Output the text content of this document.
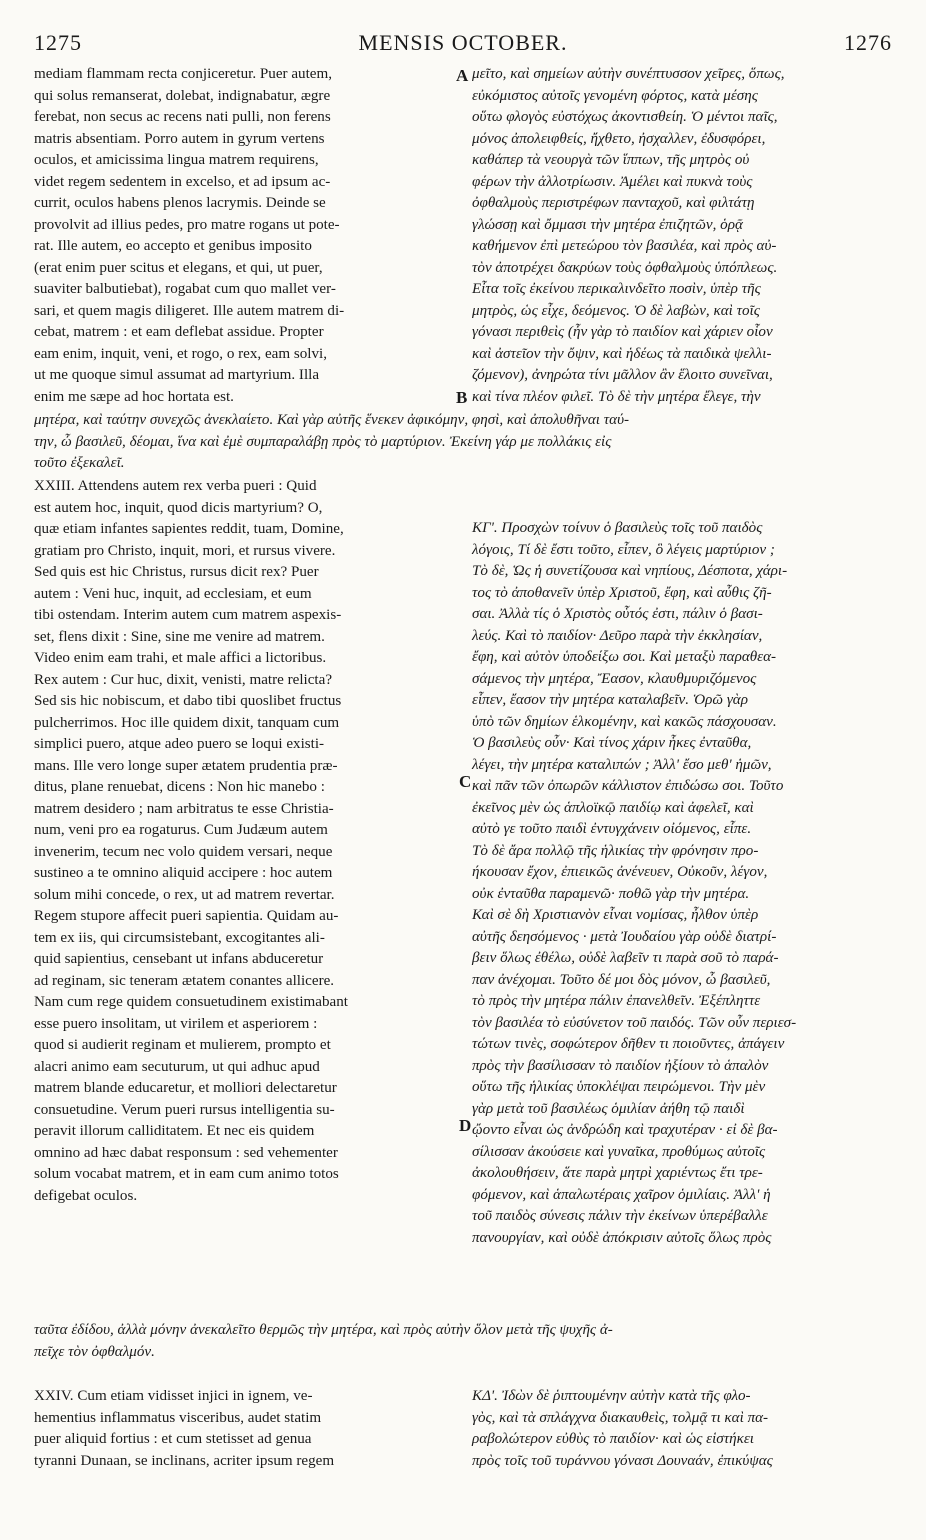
1275	MENSIS OCTOBER.	1276

mediam flammam recta conjiceretur. Puer autem,
qui solus remanserat, dolebat, indignabatur, ægre
ferebat, non secus ac recens nati pulli, non ferens
matris absentiam. Porro autem in gyrum vertens
oculos, et amicissima lingua matrem requirens,
videt regem sedentem in excelso, et ad ipsum ac-
currit, oculos habens plenos lacrymis. Deinde se
provolvit ad illius pedes, pro matre rogans ut pote-
rat. Ille autem, eo accepto et genibus imposito
(erat enim puer scitus et elegans, et qui, ut puer,
suaviter balbutiebat), rogabat cum quo mallet ver-
sari, et quem magis diligeret. Ille autem matrem di-
cebat, matrem : et eam deflebat assidue. Propter
eam enim, inquit, veni, et rogo, o rex, eam solvi,
ut me quoque simul assumat ad martyrium. Illa
enim me sæpe ad hoc hortata est.

μεῖτο, καὶ σημείων αὐτὴν συνέπτυσσον χεῖρες, ὅπως,
εὐκόμιστος αὐτοῖς γενομένη φόρτος, κατὰ μέσης
οὕτω φλογὸς εὐστόχως ἀκοντισθείη. Ὁ μέντοι παῖς,
μόνος ἀπολειφθείς, ἤχθετο, ἠσχαλλεν, ἐδυσφόρει,
καθάπερ τὰ νεουργὰ τῶν ἵππων, τῆς μητρὸς οὐ
φέρων τὴν ἀλλοτρίωσιν. Ἀμέλει καὶ πυκνὰ τοὺς
ὀφθαλμοὺς περιστρέφων πανταχοῦ, καὶ φιλτάτῃ
γλώσσῃ καὶ ὄμμασι τὴν μητέρα ἐπιζητῶν, ὁρᾷ
καθήμενον ἐπὶ μετεώρου τὸν βασιλέα, καὶ πρὸς αὐ-
τὸν ἀποτρέχει δακρύων τοὺς ὀφθαλμοὺς ὑπόπλεως.
Εἶτα τοῖς ἐκείνου περικαλινδεῖτο ποσὶν, ὑπὲρ τῆς
μητρὸς, ὡς εἶχε, δεόμενος. Ὁ δὲ λαβὼν, καὶ τοῖς
γόνασι περιθεὶς (ἦν γὰρ τὸ παιδίον καὶ χάριεν οἷον
καὶ ἀστεῖον τὴν ὄψιν, καὶ ἡδέως τὰ παιδικὰ ψελλι-
ζόμενον), ἀνηρώτα τίνι μᾶλλον ἂν ἕλοιτο συνεῖναι,
καὶ τίνα πλέον φιλεῖ. Τὸ δὲ τὴν μητέρα ἔλεγε, τὴν

μητέρα, καὶ ταύτην συνεχῶς ἀνεκλαίετο. Καὶ γὰρ αὐτῆς ἕνεκεν ἀφικόμην, φησὶ, καὶ ἀπολυθῆναι ταύ-
την, ὦ βασιλεῦ, δέομαι, ἵνα καὶ ἐμὲ συμπαραλάβῃ πρὸς τὸ μαρτύριον. Ἐκείνη γάρ με πολλάκις εἰς
τοῦτο ἐξεκαλεῖ.

XXIII. Attendens autem rex verba pueri : Quid
est autem hoc, inquit, quod dicis martyrium? O,
quæ etiam infantes sapientes reddit, tuam, Domine,
gratiam pro Christo, inquit, mori, et rursus vivere.
Sed quis est hic Christus, rursus dicit rex? Puer
autem : Veni huc, inquit, ad ecclesiam, et eum
tibi ostendam. Interim autem cum matrem aspexis-
set, flens dixit : Sine, sine me venire ad matrem.
Video enim eam trahi, et male affici a lictoribus.
Rex autem : Cur huc, dixit, venisti, matre relicta?
Sed sis hic nobiscum, et dabo tibi quoslibet fructus
pulcherrimos. Hoc ille quidem dixit, tanquam cum
simplici puero, atque adeo puero se loqui existi-
mans. Ille vero longe super ætatem prudentia præ-
ditus, plane renuebat, dicens : Non hic manebo :
matrem desidero ; nam arbitratus te esse Christia-
num, veni pro ea rogaturus. Cum Judæum autem
invenerim, tecum nec volo quidem versari, neque
sustineo a te omnino aliquid accipere : hoc autem
solum mihi concede, o rex, ut ad matrem revertar.
Regem stupore affecit pueri sapientia. Quidam au-
tem ex iis, qui circumsistebant, excogitantes ali-
quid sapientius, censebant ut infans abduceretur
ad reginam, sic teneram ætatem conantes allicere.
Nam cum rege quidem consuetudinem existimabant
esse puero insolitam, ut virilem et asperiorem :
quod si audierit reginam et mulierem, prompto et
alacri animo eam secuturum, ut qui adhuc apud
matrem blande educaretur, et molliori delectaretur
consuetudine. Verum pueri rursus intelligentia su-
peravit illorum calliditatem. Et nec eis quidem
omnino ad hæc dabat responsum : sed vehementer
solum vocabat matrem, et in eam cum animo totos
defigebat oculos.

ΚΓ'. Προσχὼν τοίνυν ὁ βασιλεὺς τοῖς τοῦ παιδὸς
λόγοις, Τί δὲ ἔστι τοῦτο, εἶπεν, ὃ λέγεις μαρτύριον ;
Τὸ δὲ, Ὡς ἡ συνετίζουσα καὶ νηπίους, Δέσποτα, χάρι-
τος τὸ ἀποθανεῖν ὑπὲρ Χριστοῦ, ἔφη, καὶ αὖθις ζῆ-
σαι. Ἀλλὰ τίς ὁ Χριστὸς οὗτός ἐστι, πάλιν ὁ βασι-
λεύς. Καὶ τὸ παιδίον· Δεῦρο παρὰ τὴν ἐκκλησίαν,
ἔφη, καὶ αὐτὸν ὑποδείξω σοι. Καὶ μεταξὺ παραθεα-
σάμενος τὴν μητέρα, Ἔασον, κλαυθμυριζόμενος
εἶπεν, ἔασον τὴν μητέρα καταλαβεῖν. Ὁρῶ γὰρ
ὑπὸ τῶν δημίων ἑλκομένην, καὶ κακῶς πάσχουσαν.
Ὁ βασιλεὺς οὖν· Καὶ τίνος χάριν ἧκες ἐνταῦθα,
λέγει, τὴν μητέρα καταλιπών ; Ἀλλ' ἔσο μεθ' ἡμῶν,
καὶ πᾶν τῶν ὀπωρῶν κάλλιστον ἐπιδώσω σοι. Τοῦτο
ἐκεῖνος μὲν ὡς ἁπλοϊκῷ παιδίῳ καὶ ἀφελεῖ, καὶ
αὐτὸ γε τοῦτο παιδὶ ἐντυγχάνειν οἰόμενος, εἶπε.
Τὸ δὲ ἄρα πολλῷ τῆς ἡλικίας τὴν φρόνησιν προ-
ήκουσαν ἔχον, ἐπιεικῶς ἀνένευεν, Οὐκοῦν, λέγον,
οὐκ ἐνταῦθα παραμενῶ· ποθῶ γὰρ τὴν μητέρα.
Καὶ σὲ δὴ Χριστιανὸν εἶναι νομίσας, ἦλθον ὑπὲρ
αὐτῆς δεησόμενος · μετὰ Ἰουδαίου γὰρ οὐδὲ διατρί-
βειν ὅλως ἐθέλω, οὐδὲ λαβεῖν τι παρὰ σοῦ τὸ παρά-
παν ἀνέχομαι. Τοῦτο δέ μοι δὸς μόνον, ὦ βασιλεῦ,
τὸ πρὸς τὴν μητέρα πάλιν ἐπανελθεῖν. Ἐξέπληττε
τὸν βασιλέα τὸ εὐσύνετον τοῦ παιδός. Τῶν οὖν περιεσ-
τώτων τινὲς, σοφώτερον δῆθεν τι ποιοῦντες, ἀπάγειν
πρὸς τὴν βασίλισσαν τὸ παιδίον ἠξίουν τὸ ἁπαλὸν
οὕτω τῆς ἡλικίας ὑποκλέψαι πειρώμενοι. Τὴν μὲν
γὰρ μετὰ τοῦ βασιλέως ὁμιλίαν ἀήθη τῷ παιδὶ
ᾤοντο εἶναι ὡς ἀνδρώδη καὶ τραχυτέραν · εἰ δὲ βα-
σίλισσαν ἀκούσειε καὶ γυναῖκα, προθύμως αὐτοῖς
ἀκολουθήσειν, ἅτε παρὰ μητρὶ χαριέντως ἔτι τρε-
φόμενον, καὶ ἁπαλωτέραις χαῖρον ὁμιλίαις. Ἀλλ' ἡ
τοῦ παιδὸς σύνεσις πάλιν τὴν ἐκείνων ὑπερέβαλλε
πανουργίαν, καὶ οὐδὲ ἀπόκρισιν αὐτοῖς ὅλως πρὸς

ταῦτα ἐδίδου, ἀλλὰ μόνην ἀνεκαλεῖτο θερμῶς τὴν μητέρα, καὶ πρὸς αὐτὴν ὅλον μετὰ τῆς ψυχῆς ἀ-
πεῖχε τὸν ὀφθαλμόν.

XXIV. Cum etiam vidisset injici in ignem, ve-
hementius inflammatus visceribus, audet statim
puer aliquid fortius : et cum stetisset ad genua
tyranni Dunaan, se inclinans, acriter ipsum regem

ΚΔ'. Ἰδὼν δὲ ῥιπτουμένην αὐτὴν κατὰ τῆς φλο-
γὸς, καὶ τὰ σπλάγχνα διακαυθεὶς, τολμᾷ τι καὶ πα-
ραβολώτερον εὐθὺς τὸ παιδίον· καὶ ὡς εἱστήκει
πρὸς τοῖς τοῦ τυράννου γόνασι Δουναάν, ἐπικύψας

A
B
C
D
